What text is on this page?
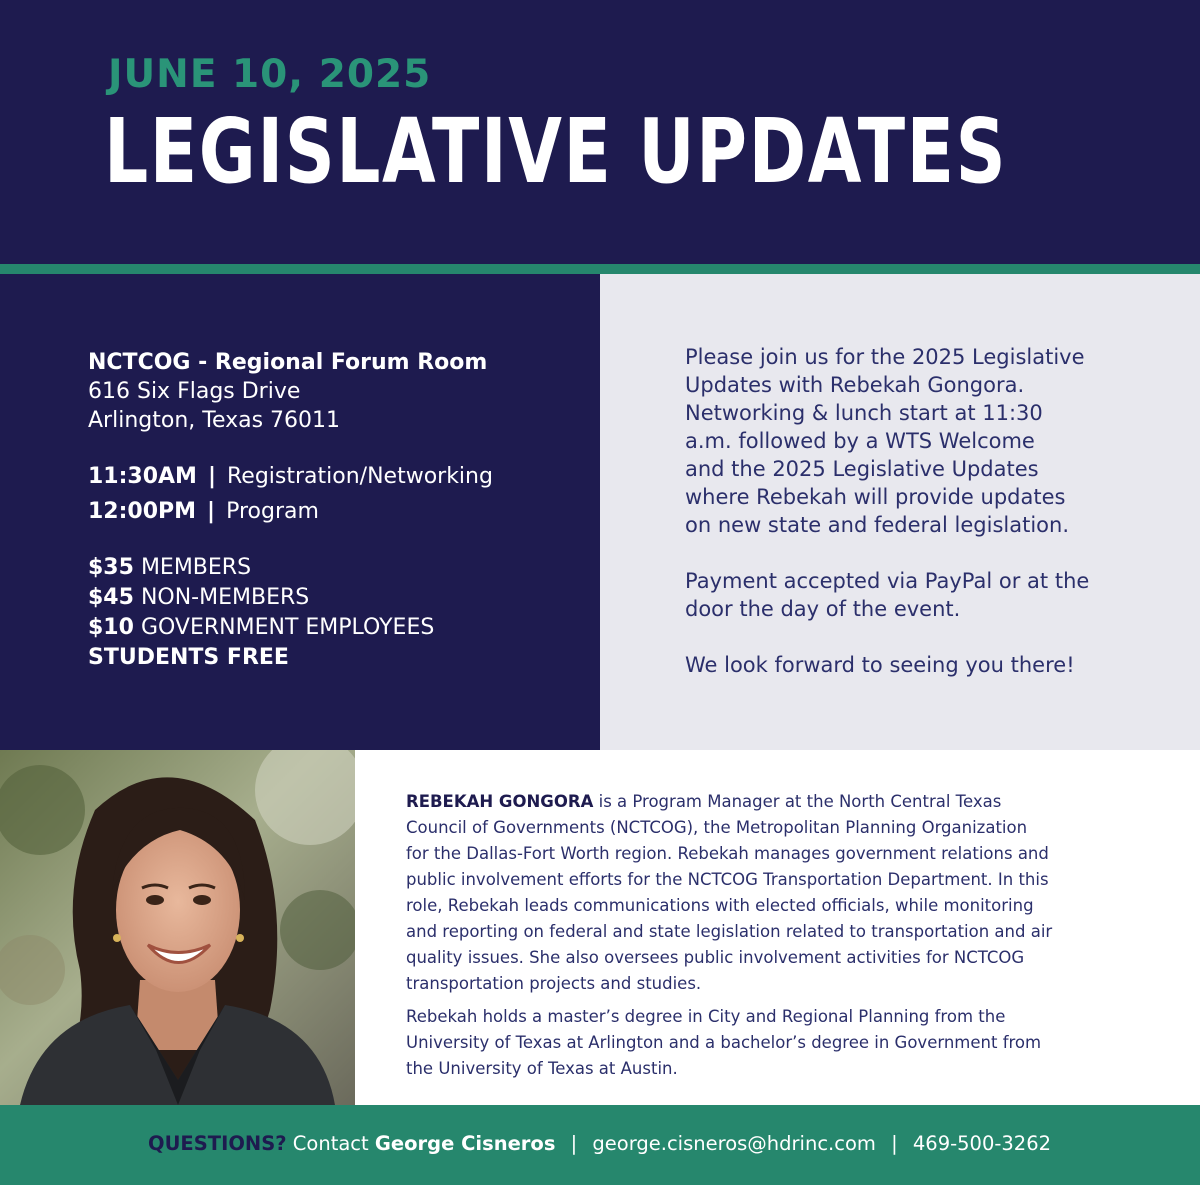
JUNE 10, 2025
LEGISLATIVE UPDATES
NCTCOG - Regional Forum Room
616 Six Flags Drive
Arlington, Texas 76011
11:30AM | Registration/Networking
12:00PM | Program
$35 MEMBERS
$45 NON-MEMBERS
$10 GOVERNMENT EMPLOYEES
STUDENTS FREE
Please join us for the 2025 Legislative
Updates with Rebekah Gongora.
Networking & lunch start at 11:30
a.m. followed by a WTS Welcome
and the 2025 Legislative Updates
where Rebekah will provide updates
on new state and federal legislation.
Payment accepted via PayPal or at the
door the day of the event.
We look forward to seeing you there!
REBEKAH GONGORA is a Program Manager at the North Central Texas
Council of Governments (NCTCOG), the Metropolitan Planning Organization
for the Dallas-Fort Worth region. Rebekah manages government relations and
public involvement efforts for the NCTCOG Transportation Department. In this
role, Rebekah leads communications with elected officials, while monitoring
and reporting on federal and state legislation related to transportation and air
quality issues. She also oversees public involvement activities for NCTCOG
transportation projects and studies.
Rebekah holds a master’s degree in City and Regional Planning from the
University of Texas at Arlington and a bachelor’s degree in Government from
the University of Texas at Austin.
QUESTIONS? Contact George Cisneros | george.cisneros@hdrinc.com | 469-500-3262
